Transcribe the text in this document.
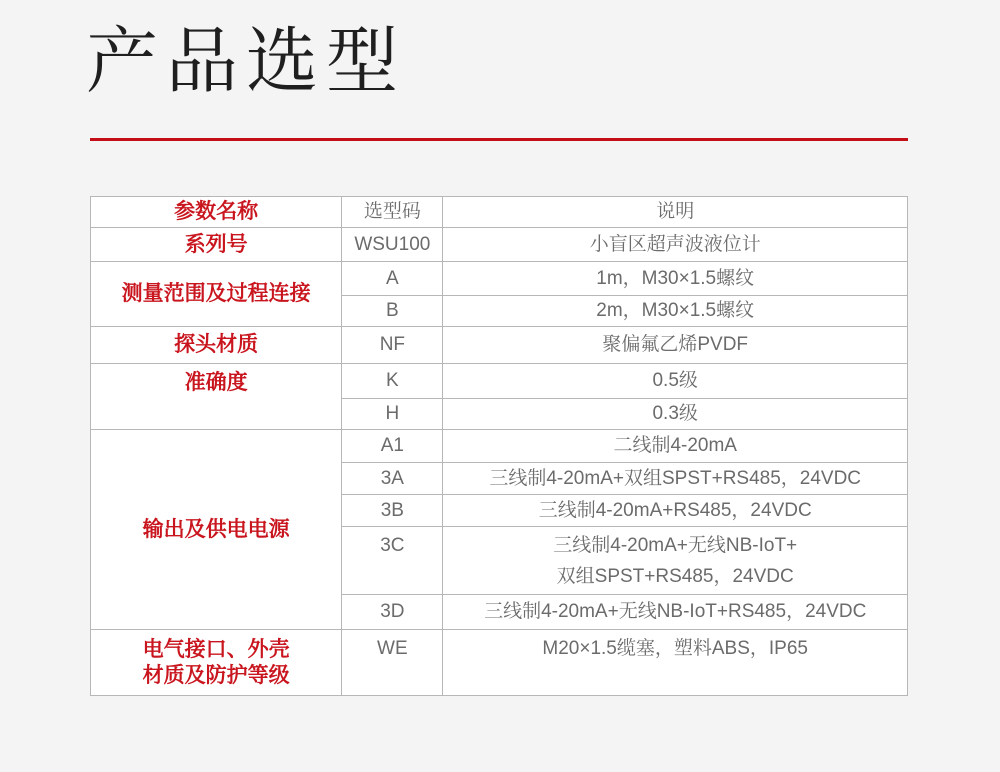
产品选型
参数名称	选型码	说明
系列号	WSU100	小盲区超声波液位计
测量范围及过程连接	A	1m，M30×1.5螺纹
	B	2m，M30×1.5螺纹
探头材质	NF	聚偏氟乙烯PVDF
准确度	K	0.5级
	H	0.3级
输出及供电电源	A1	二线制4-20mA
	3A	三线制4-20mA+双组SPST+RS485，24VDC
	3B	三线制4-20mA+RS485，24VDC
	3C	三线制4-20mA+无线NB-IoT+
双组SPST+RS485，24VDC

	3D	三线制4-20mA+无线NB-IoT+RS485，24VDC

电气接口、外壳
材质及防护等级	WE	M20×1.5缆塞，塑料ABS，IP65
